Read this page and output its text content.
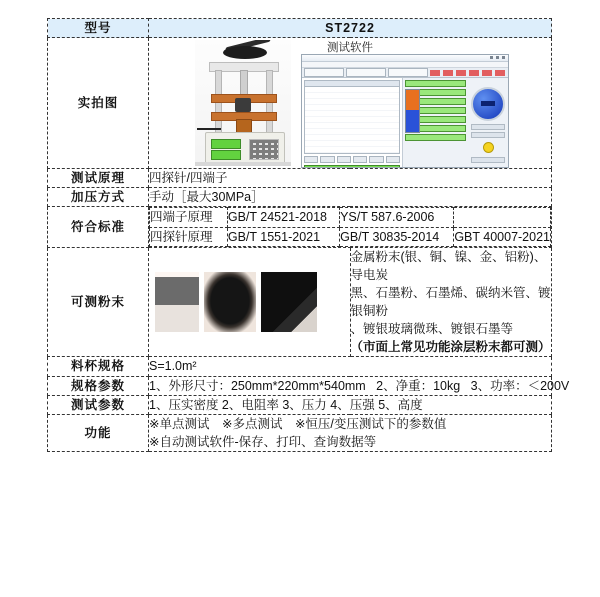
型号	ST2722
实拍图	
测试软件

测试原理	四探针/四端子
加压方式	手动［最大30MPa］
符合标准	
四端子原理	GB/T 24521-2018	YS/T 587.6-2006	
四探针原理	GB/T 1551-2021	GB/T 30835-2014	GBT 40007-2021

可测粉末	
	金属粉末(银、铜、镍、金、铝粉)、导电炭
黑、石墨粉、石墨烯、碳纳米管、镀银铜粉
、镀银玻璃微珠、镀银石墨等
（市面上常见功能涂层粉末都可测）
料杯规格	S=1.0m²
规格参数	1、外形尺寸：250mm*220mm*540mm   2、净重：10kg   3、功率：＜200V
测试参数	1、压实密度 2、电阻率 3、压力 4、压强 5、高度
功能	
※单点测试　※多点测试　※恒压/变压测试下的参数值
※自动测试软件-保存、打印、查询数据等
